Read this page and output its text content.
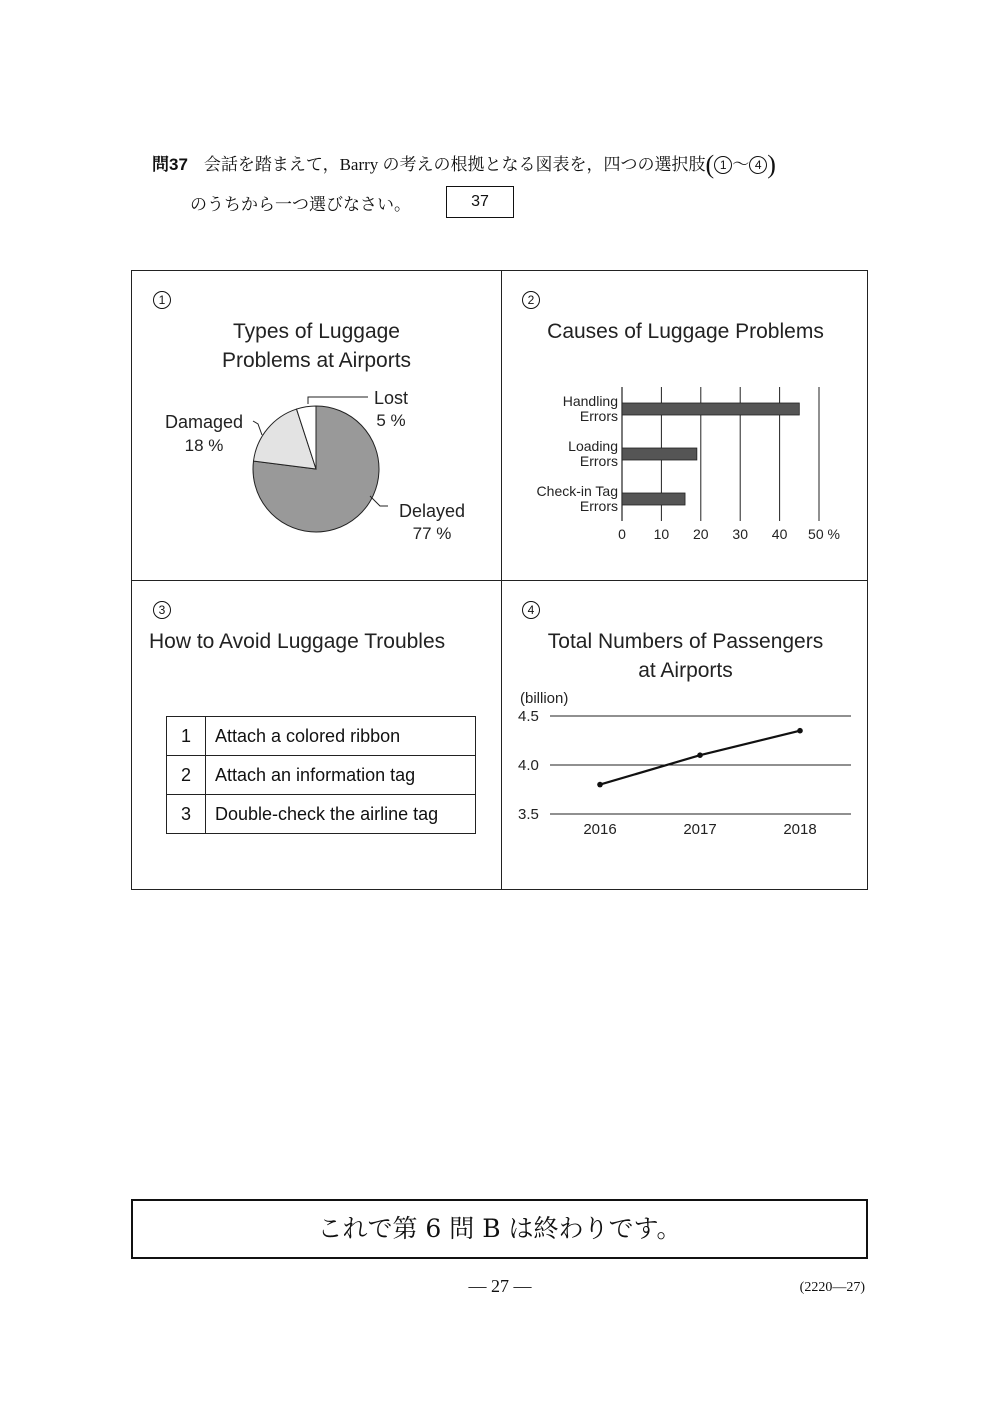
問37 会話を踏まえて，Barry の考えの根拠となる図表を，四つの選択肢( 1 〜 4 )
のうちから一つ選びなさい。	37
1
Types of Luggage
Problems at Airports
Damaged
18 %
Lost
5 %
Delayed
77 %
2
Causes of Luggage Problems
0 10 20 30 40 50 %
Handling
Errors
Loading
Errors
Check-in Tag
Errors
3
How to Avoid Luggage Troubles
1	Attach a colored ribbon
2	Attach an information tag
3	Double-check the airline tag
4
Total Numbers of Passengers
at Airports
(billion)
3.5
4.0
4.5
2016	2017	2018
これで第 6 問 B は終わりです。
— 27 —	(2220—27)
